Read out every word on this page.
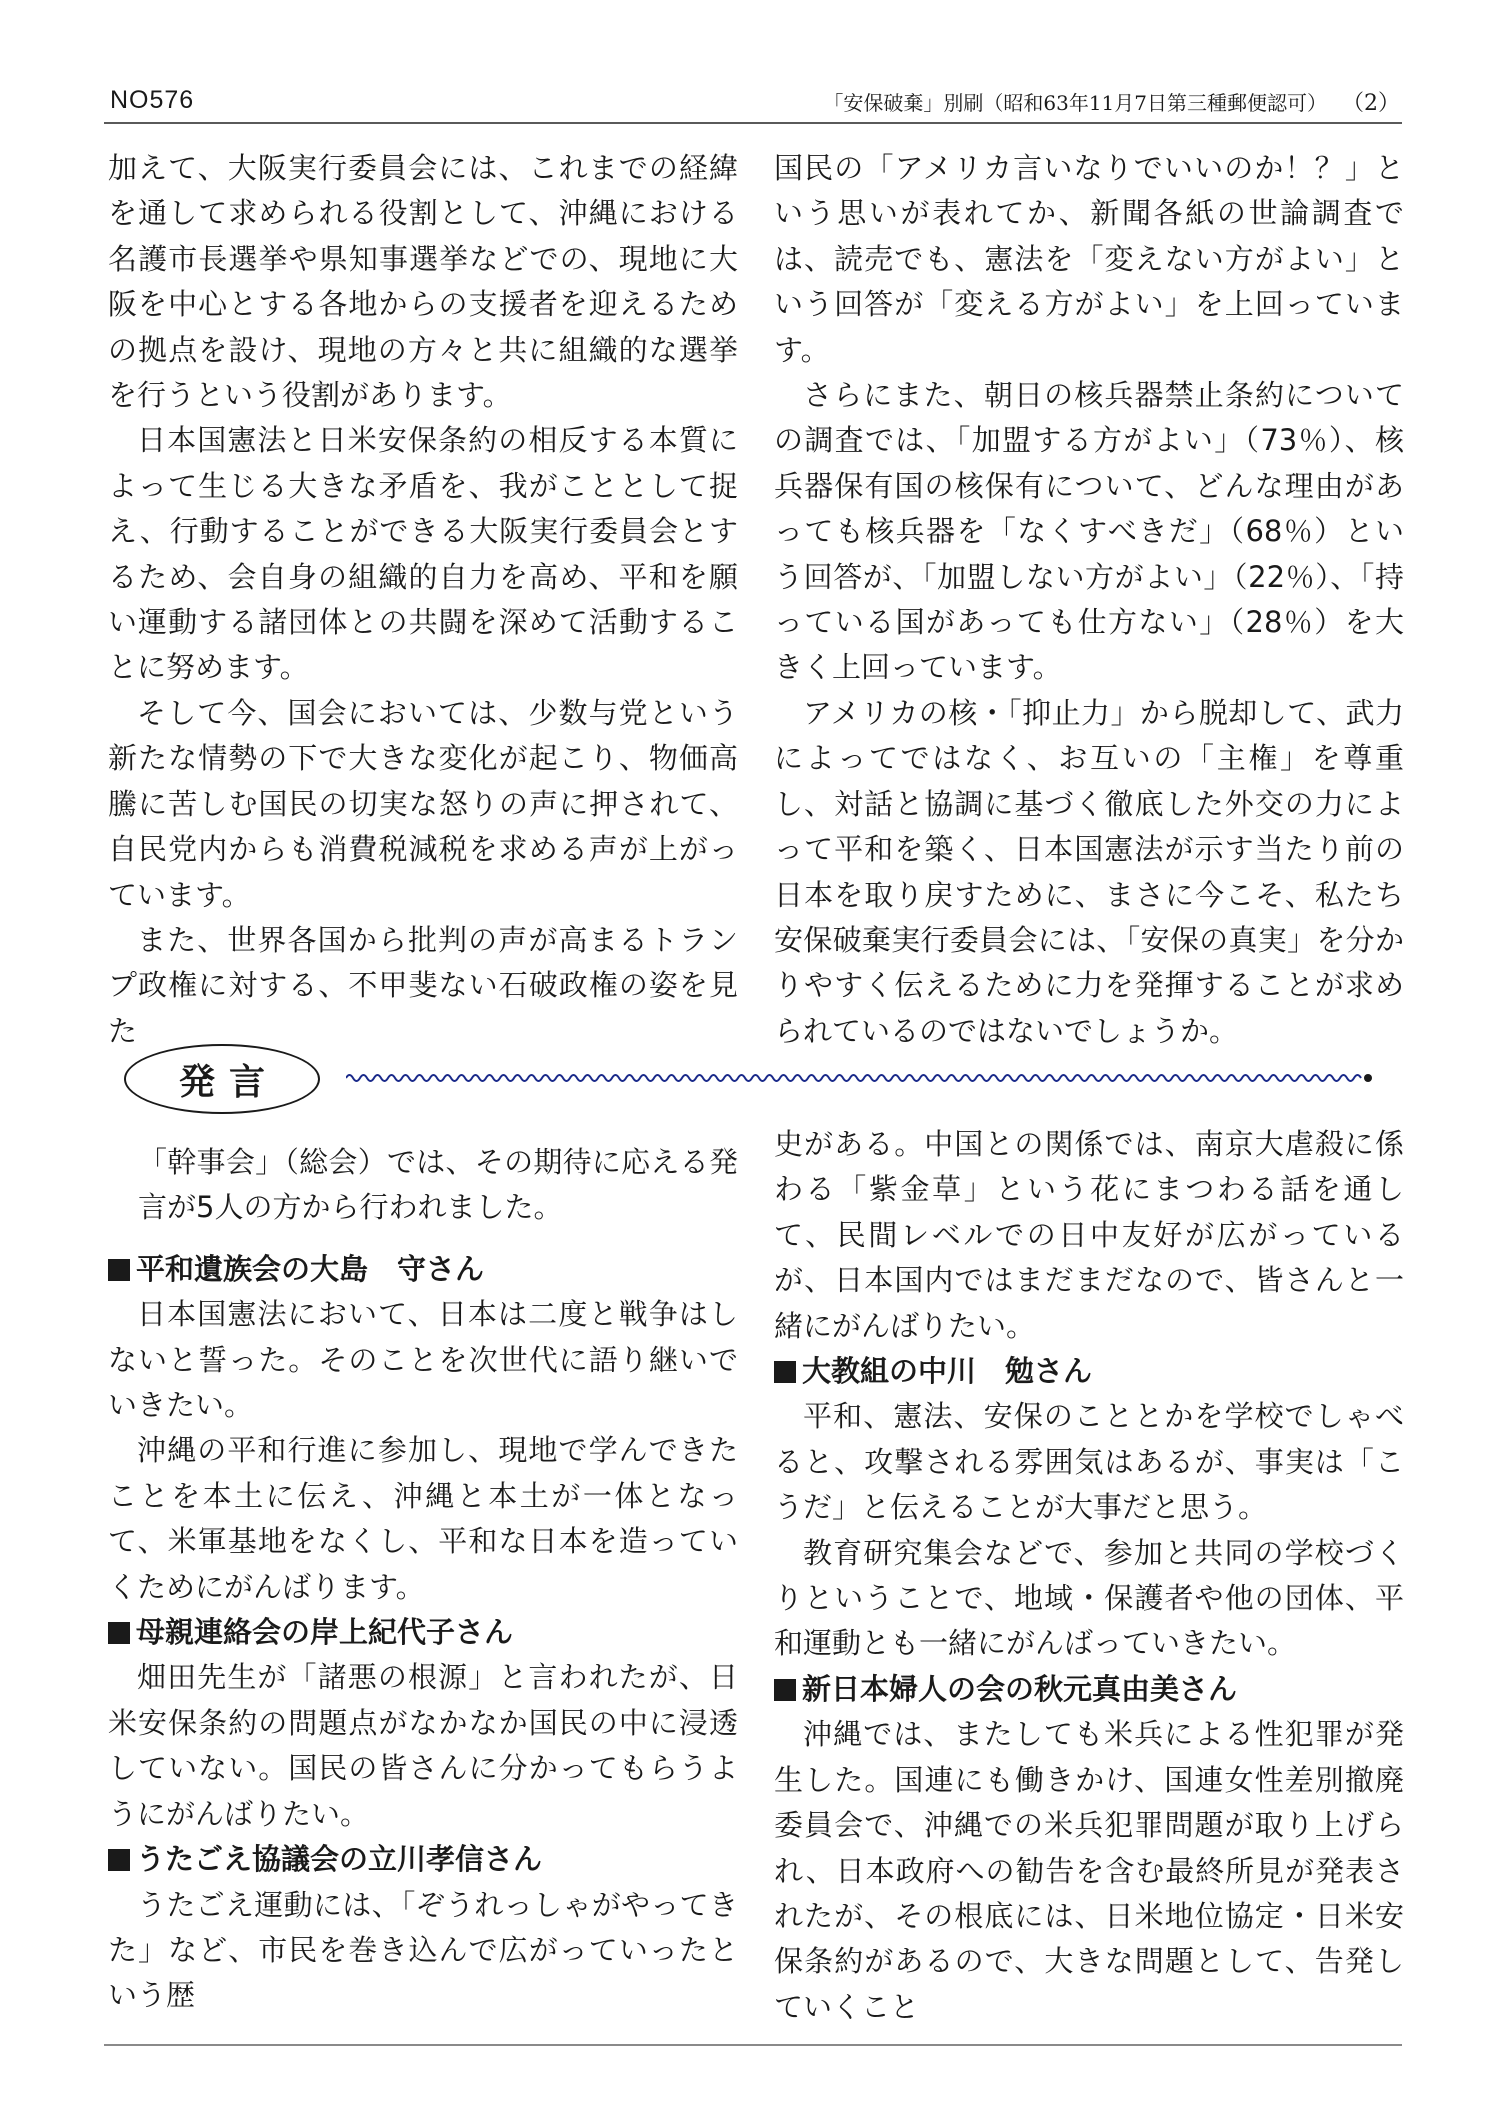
NO576	「安保破棄」別刷（昭和63年11月7日第三種郵便認可） （2）

加えて、大阪実行委員会には、これまでの経緯を通して求められる役割として、沖縄における名護市長選挙や県知事選挙などでの、現地に大阪を中心とする各地からの支援者を迎えるための拠点を設け、現地の方々と共に組織的な選挙を行うという役割があります。

日本国憲法と日米安保条約の相反する本質によって生じる大きな矛盾を、我がこととして捉え、行動することができる大阪実行委員会とするため、会自身の組織的自力を高め、平和を願い運動する諸団体との共闘を深めて活動することに努めます。

そして今、国会においては、少数与党という新たな情勢の下で大きな変化が起こり、物価高騰に苦しむ国民の切実な怒りの声に押されて、自民党内からも消費税減税を求める声が上がっています。

また、世界各国から批判の声が高まるトランプ政権に対する、不甲斐ない石破政権の姿を見た

国民の「アメリカ言いなりでいいのか！？」という思いが表れてか、新聞各紙の世論調査では、読売でも、憲法を「変えない方がよい」という回答が「変える方がよい」を上回っています。

さらにまた、朝日の核兵器禁止条約についての調査では、「加盟する方がよい」（73％）、核兵器保有国の核保有について、どんな理由があっても核兵器を「なくすべきだ」（68％）という回答が、「加盟しない方がよい」（22％）、「持っている国があっても仕方ない」（28％）を大きく上回っています。

アメリカの核・「抑止力」から脱却して、武力によってではなく、お互いの「主権」を尊重し、対話と協調に基づく徹底した外交の力によって平和を築く、日本国憲法が示す当たり前の日本を取り戻すために、まさに今こそ、私たち安保破棄実行委員会には、「安保の真実」を分かりやすく伝えるために力を発揮することが求められているのではないでしょうか。

発言

「幹事会」（総会）では、その期待に応える発言が5人の方から行われました。

平和遺族会の大島　守さん

日本国憲法において、日本は二度と戦争はしないと誓った。そのことを次世代に語り継いでいきたい。

沖縄の平和行進に参加し、現地で学んできたことを本土に伝え、沖縄と本土が一体となって、米軍基地をなくし、平和な日本を造っていくためにがんばります。

母親連絡会の岸上紀代子さん

畑田先生が「諸悪の根源」と言われたが、日米安保条約の問題点がなかなか国民の中に浸透していない。国民の皆さんに分かってもらうようにがんばりたい。

うたごえ協議会の立川孝信さん

うたごえ運動には、「ぞうれっしゃがやってきた」など、市民を巻き込んで広がっていったという歴

史がある。中国との関係では、南京大虐殺に係わる「紫金草」という花にまつわる話を通して、民間レベルでの日中友好が広がっているが、日本国内ではまだまだなので、皆さんと一緒にがんばりたい。

大教組の中川　勉さん

平和、憲法、安保のこととかを学校でしゃべると、攻撃される雰囲気はあるが、事実は「こうだ」と伝えることが大事だと思う。

教育研究集会などで、参加と共同の学校づくりということで、地域・保護者や他の団体、平和運動とも一緒にがんばっていきたい。

新日本婦人の会の秋元真由美さん

沖縄では、またしても米兵による性犯罪が発生した。国連にも働きかけ、国連女性差別撤廃委員会で、沖縄での米兵犯罪問題が取り上げられ、日本政府への勧告を含む最終所見が発表されたが、その根底には、日米地位協定・日米安保条約があるので、大きな問題として、告発していくこと
